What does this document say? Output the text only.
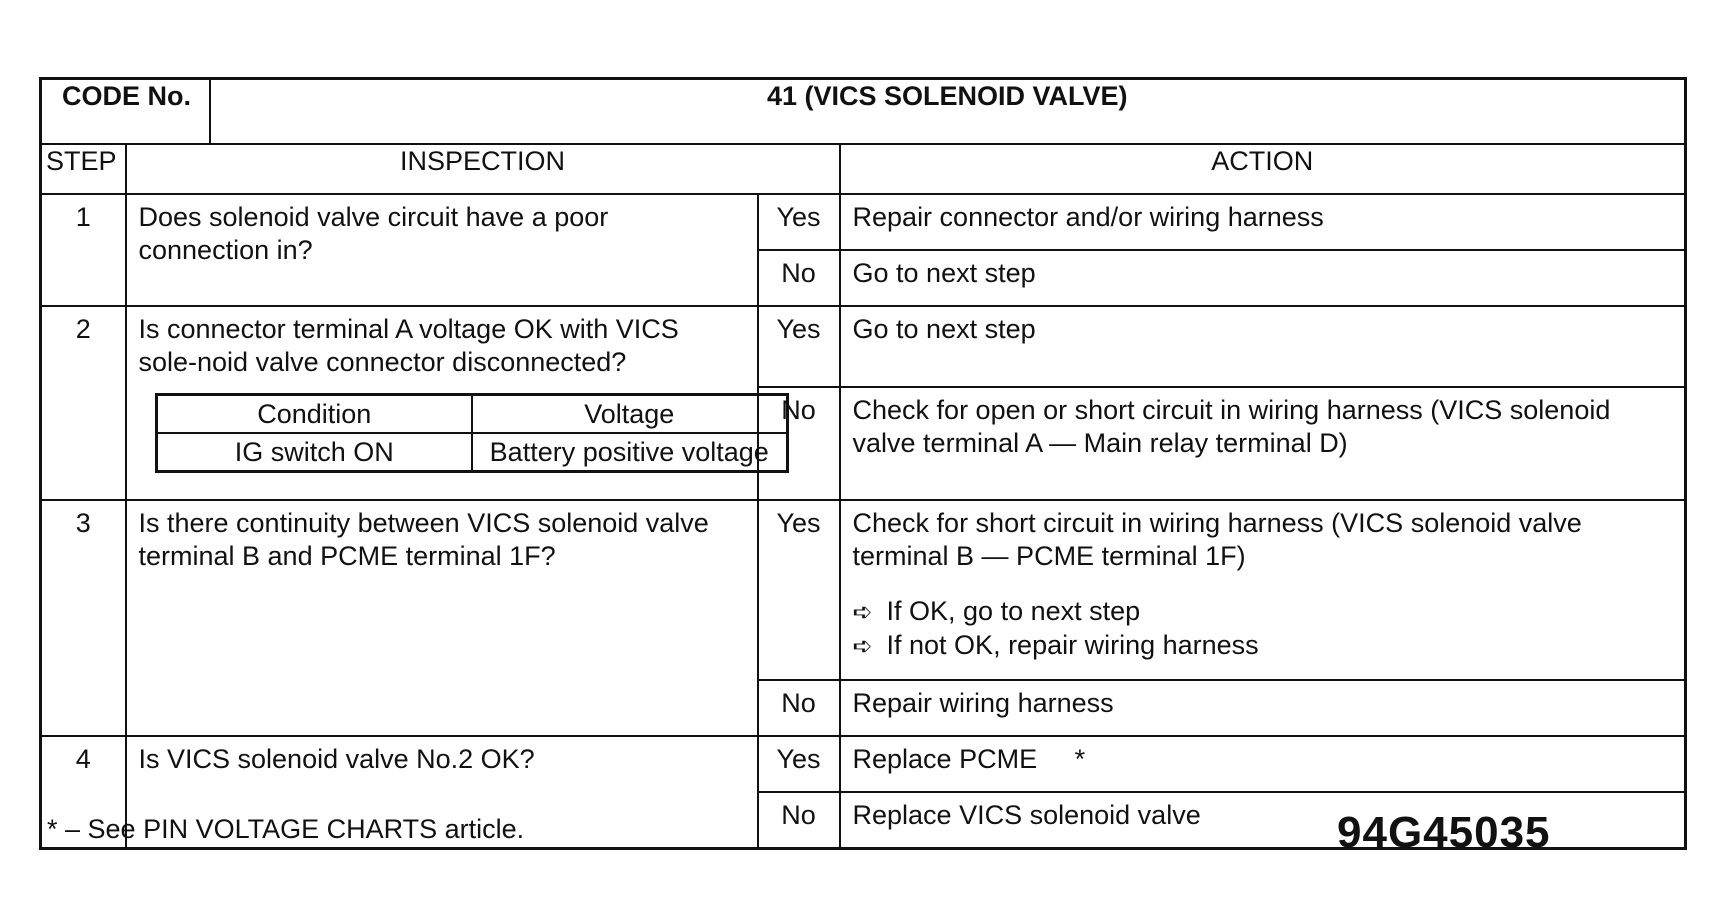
CODE No.	41 (VICS SOLENOID VALVE)
STEP	INSPECTION	ACTION
1	Does solenoid valve circuit have a poor connection in?	Yes	Repair connector and/or wiring harness
No	Go to next step
2	Is connector terminal A voltage OK with VICS sole-noid valve connector disconnected?
Condition	Voltage
IG switch ON	Battery positive voltage
	Yes	Go to next step
No	Check for open or short circuit in wiring harness (VICS solenoid valve terminal A — Main relay terminal D)
3	Is there continuity between VICS solenoid valve terminal B and PCME terminal 1F?	Yes	Check for short circuit in wiring harness (VICS solenoid valve terminal B — PCME terminal 1F)
➪ If OK, go to next step
➪ If not OK, repair wiring harness

No	Repair wiring harness
4	Is VICS solenoid valve No.2 OK?	Yes	Replace PCME     *
No	Replace VICS solenoid valve
* – See PIN VOLTAGE CHARTS article.	94G45035
